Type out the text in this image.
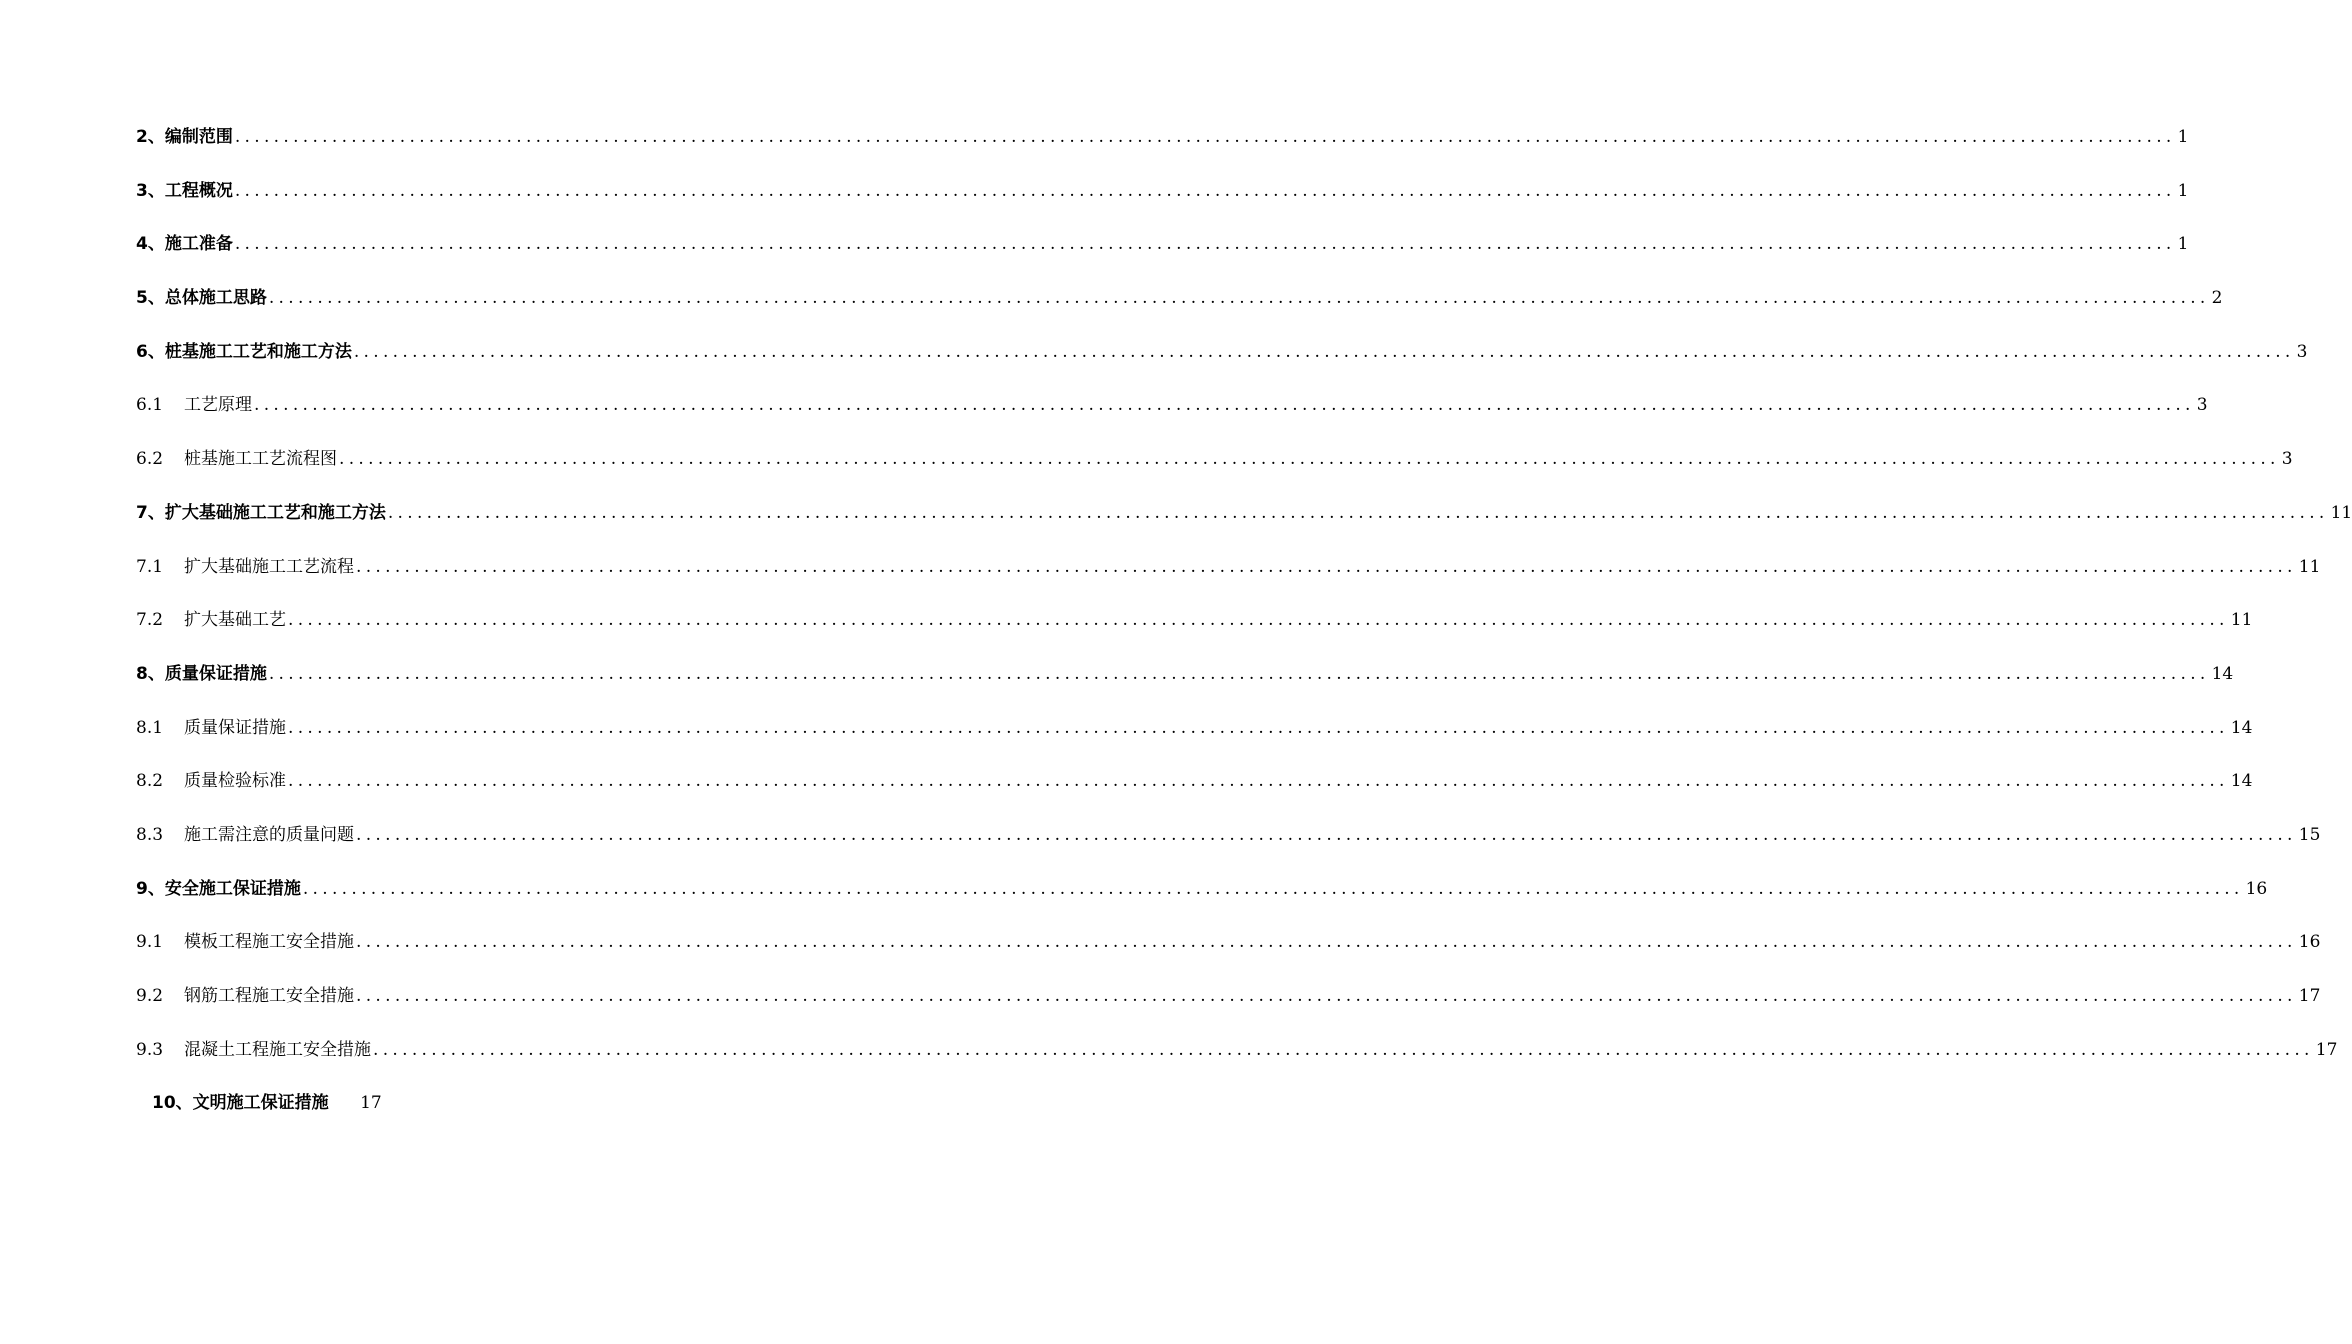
2、 编制范围 ........................................................................................................................................................................................................ 1
3、 工程概况 ........................................................................................................................................................................................................ 1
4、 施工准备 ........................................................................................................................................................................................................ 1
5、 总体施工思路 ........................................................................................................................................................................................................ 2
6、 桩基施工工艺和施工方法 ........................................................................................................................................................................................................ 3
6.1	工艺原理 ........................................................................................................................................................................................................ 3
6.2	桩基施工工艺流程图 ........................................................................................................................................................................................................ 3
7、 扩大基础施工工艺和施工方法 ........................................................................................................................................................................................................ 11
7.1	扩大基础施工工艺流程 ........................................................................................................................................................................................................ 11
7.2	扩大基础工艺 ........................................................................................................................................................................................................ 11
8、 质量保证措施 ........................................................................................................................................................................................................ 14
8.1	质量保证措施 ........................................................................................................................................................................................................ 14
8.2	质量检验标准 ........................................................................................................................................................................................................ 14
8.3	施工需注意的质量问题 ........................................................................................................................................................................................................ 15
9、 安全施工保证措施 ........................................................................................................................................................................................................ 16
9.1	模板工程施工安全措施 ........................................................................................................................................................................................................ 16
9.2	钢筋工程施工安全措施 ........................................................................................................................................................................................................ 17
9.3	混凝土工程施工安全措施 ........................................................................................................................................................................................................ 17
10、文明施工保证措施 17
